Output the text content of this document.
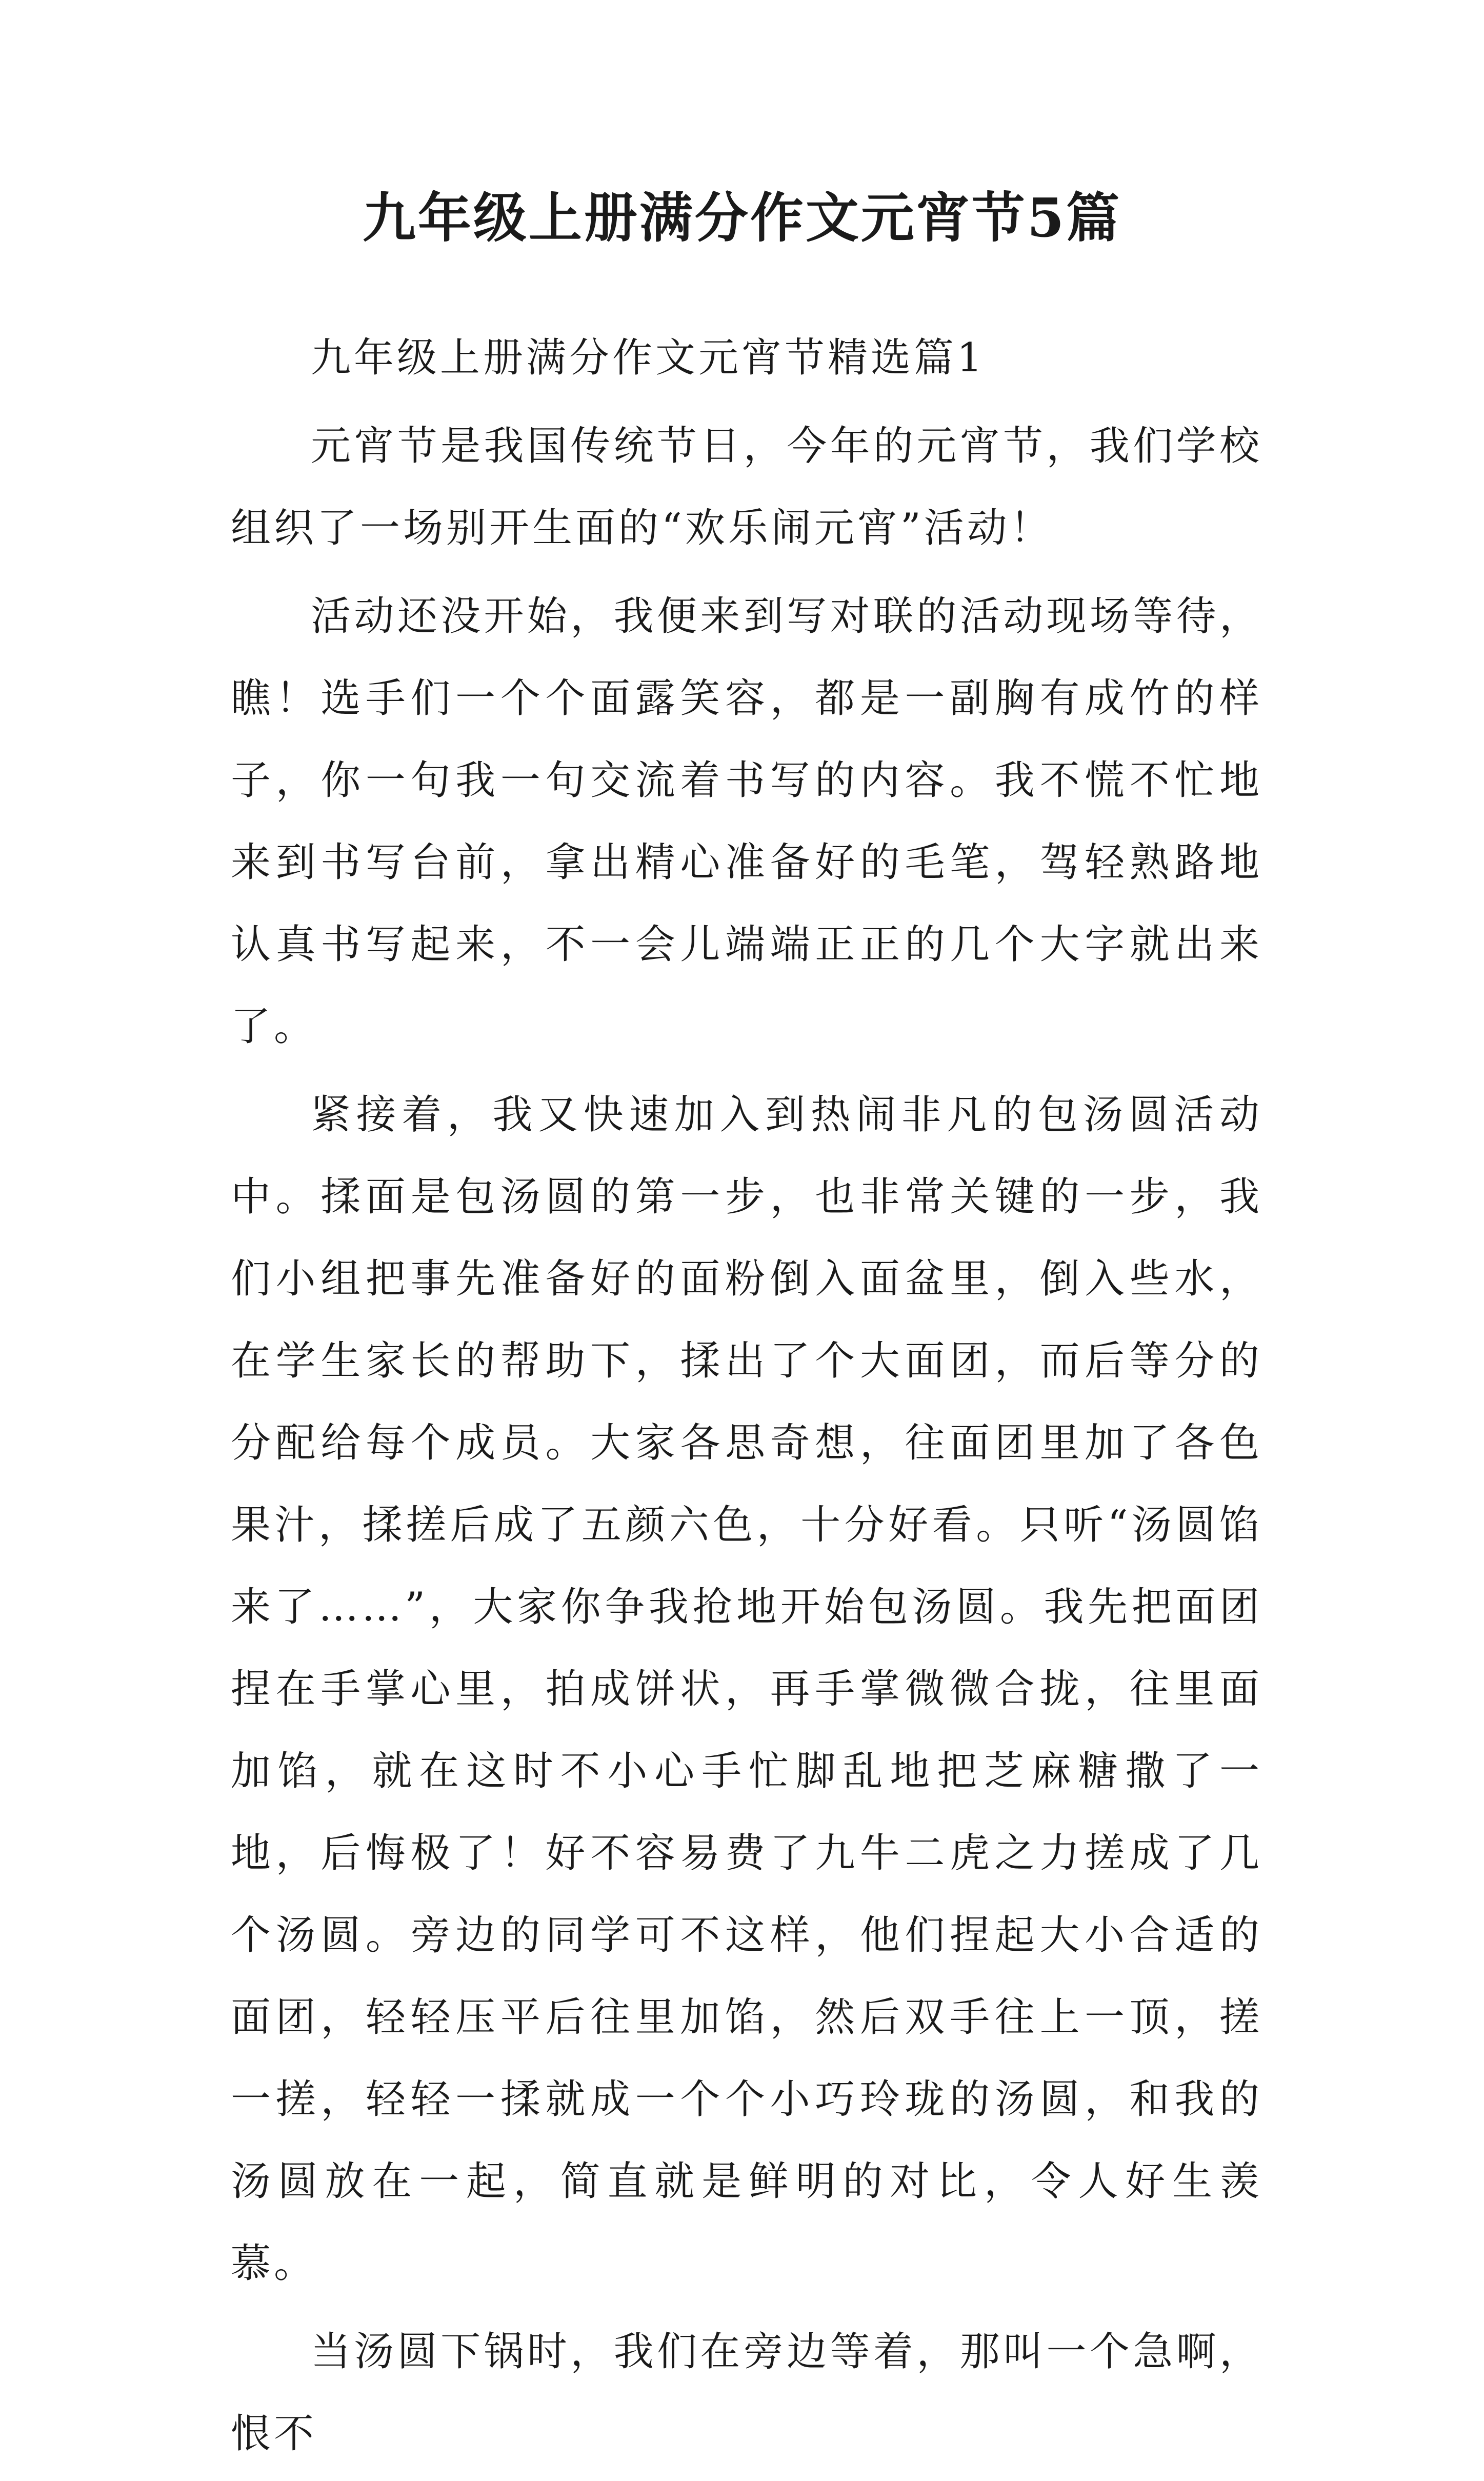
九年级上册满分作文元宵节5篇

九年级上册满分作文元宵节精选篇1

元宵节是我国传统节日，今年的元宵节，我们学校组织了一场别开生面的“欢乐闹元宵”活动！

活动还没开始，我便来到写对联的活动现场等待，瞧！选手们一个个面露笑容，都是一副胸有成竹的样子，你一句我一句交流着书写的内容。我不慌不忙地来到书写台前，拿出精心准备好的毛笔，驾轻熟路地认真书写起来，不一会儿端端正正的几个大字就出来了。

紧接着，我又快速加入到热闹非凡的包汤圆活动中。揉面是包汤圆的第一步，也非常关键的一步，我们小组把事先准备好的面粉倒入面盆里，倒入些水，在学生家长的帮助下，揉出了个大面团，而后等分的分配给每个成员。大家各思奇想，往面团里加了各色果汁，揉搓后成了五颜六色，十分好看。只听“汤圆馅来了……”，大家你争我抢地开始包汤圆。我先把面团捏在手掌心里，拍成饼状，再手掌微微合拢，往里面加馅，就在这时不小心手忙脚乱地把芝麻糖撒了一地，后悔极了！好不容易费了九牛二虎之力搓成了几个汤圆。旁边的同学可不这样，他们捏起大小合适的面团，轻轻压平后往里加馅，然后双手往上一顶，搓一搓，轻轻一揉就成一个个小巧玲珑的汤圆，和我的汤圆放在一起，简直就是鲜明的对比，令人好生羡慕。

当汤圆下锅时，我们在旁边等着，那叫一个急啊，恨不
